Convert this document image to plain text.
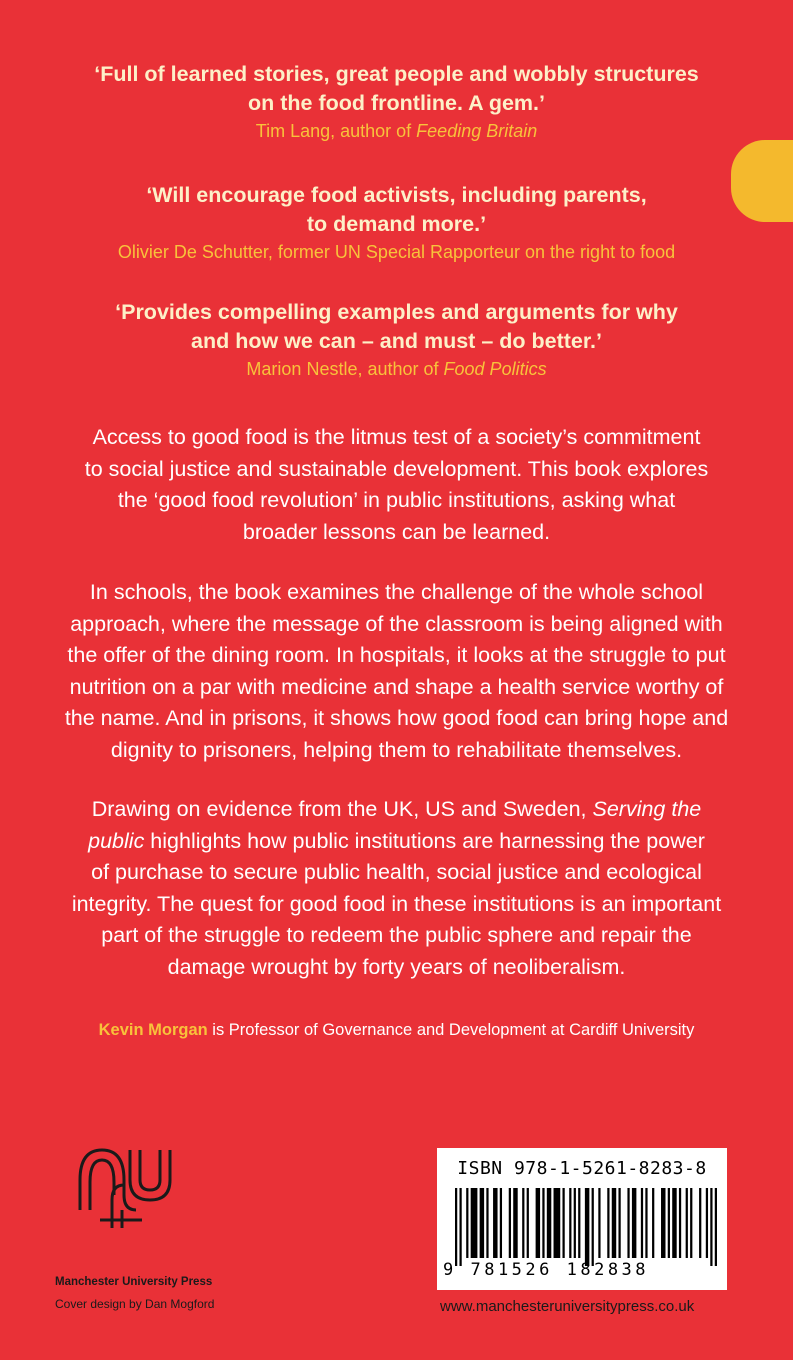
‘Full of learned stories, great people and wobbly structures
on the food frontline. A gem.’
Tim Lang, author of Feeding Britain
‘Will encourage food activists, including parents,
to demand more.’
Olivier De Schutter, former UN Special Rapporteur on the right to food
‘Provides compelling examples and arguments for why
and how we can – and must – do better.’
Marion Nestle, author of Food Politics
Access to good food is the litmus test of a society’s commitment
to social justice and sustainable development. This book explores
the ‘good food revolution’ in public institutions, asking what
broader lessons can be learned.
In schools, the book examines the challenge of the whole school
approach, where the message of the classroom is being aligned with
the offer of the dining room. In hospitals, it looks at the struggle to put
nutrition on a par with medicine and shape a health service worthy of
the name. And in prisons, it shows how good food can bring hope and
dignity to prisoners, helping them to rehabilitate themselves.
Drawing on evidence from the UK, US and Sweden, Serving the
public highlights how public institutions are harnessing the power
of purchase to secure public health, social justice and ecological
integrity. The quest for good food in these institutions is an important
part of the struggle to redeem the public sphere and repair the
damage wrought by forty years of neoliberalism.
Kevin Morgan is Professor of Governance and Development at Cardiff University
Manchester University Press
Cover design by Dan Mogford
ISBN 978-1-5261-8283-8
9 781526 182838
www.manchesteruniversitypress.co.uk
